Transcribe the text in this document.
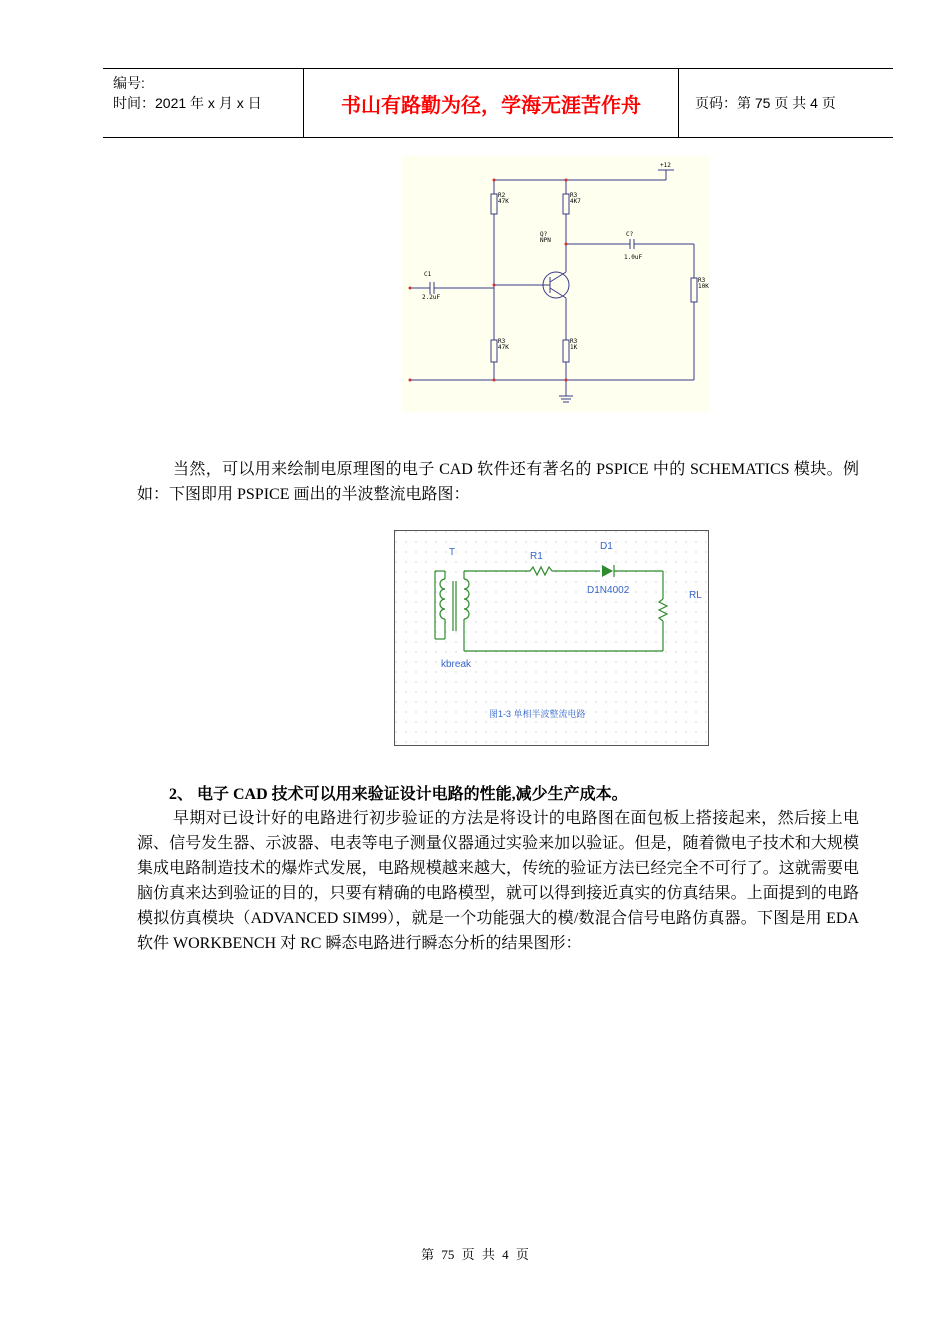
编号:
时间：2021 年 x 月 x 日	书山有路勤为径，学海无涯苦作舟	页码：第 75 页 共 4 页
+12
R2
47K
R3
4K7
Q?
NPN
C?
1.0uF
C1
2.2uF
R3
10K
R3
47K
R3
1K
当然，可以用来绘制电原理图的电子 CAD 软件还有著名的 PSPICE 中的 SCHEMATICS 模块。例如：下图即用 PSPICE 画出的半波整流电路图：
T	R1
D1
D1N4002	RL
kbreak
图1-3 单相半波整流电路
2、 电子 CAD 技术可以用来验证设计电路的性能,减少生产成本。
早期对已设计好的电路进行初步验证的方法是将设计的电路图在面包板上搭接起来，然后接上电源、信号发生器、示波器、电表等电子测量仪器通过实验来加以验证。但是，随着微电子技术和大规模集成电路制造技术的爆炸式发展，电路规模越来越大，传统的验证方法已经完全不可行了。这就需要电脑仿真来达到验证的目的，只要有精确的电路模型，就可以得到接近真实的仿真结果。上面提到的电路模拟仿真模块（ADVANCED SIM99），就是一个功能强大的模/数混合信号电路仿真器。下图是用 EDA 软件 WORKBENCH 对 RC 瞬态电路进行瞬态分析的结果图形：
第 75 页 共 4 页
